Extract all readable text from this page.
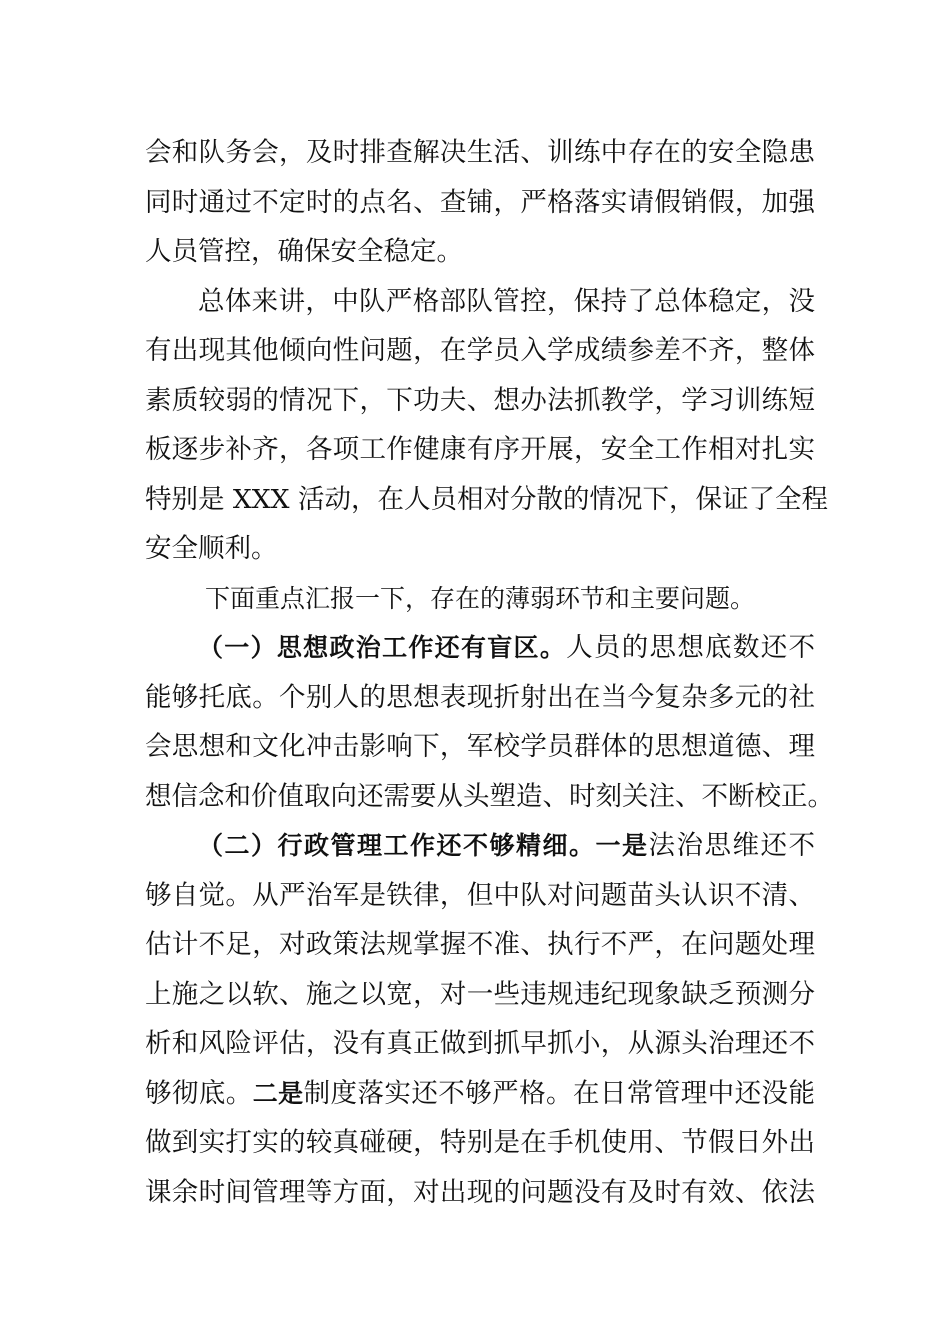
会和队务会，及时排查解决生活、训练中存在的安全隐患
同时通过不定时的点名、查铺，严格落实请假销假，加强
人员管控，确保安全稳定。
总体来讲，中队严格部队管控，保持了总体稳定，没
有出现其他倾向性问题，在学员入学成绩参差不齐，整体
素质较弱的情况下，下功夫、想办法抓教学，学习训练短
板逐步补齐，各项工作健康有序开展，安全工作相对扎实
特别是 XXX 活动，在人员相对分散的情况下，保证了全程
安全顺利。
下面重点汇报一下，存在的薄弱环节和主要问题。
（一）思想政治工作还有盲区。人员的思想底数还不
能够托底。个别人的思想表现折射出在当今复杂多元的社
会思想和文化冲击影响下，军校学员群体的思想道德、理
想信念和价值取向还需要从头塑造、时刻关注、不断校正。
（二）行政管理工作还不够精细。一是法治思维还不
够自觉。从严治军是铁律，但中队对问题苗头认识不清、
估计不足，对政策法规掌握不准、执行不严，在问题处理
上施之以软、施之以宽，对一些违规违纪现象缺乏预测分
析和风险评估，没有真正做到抓早抓小，从源头治理还不
够彻底。二是制度落实还不够严格。在日常管理中还没能
做到实打实的较真碰硬，特别是在手机使用、节假日外出
课余时间管理等方面，对出现的问题没有及时有效、依法
